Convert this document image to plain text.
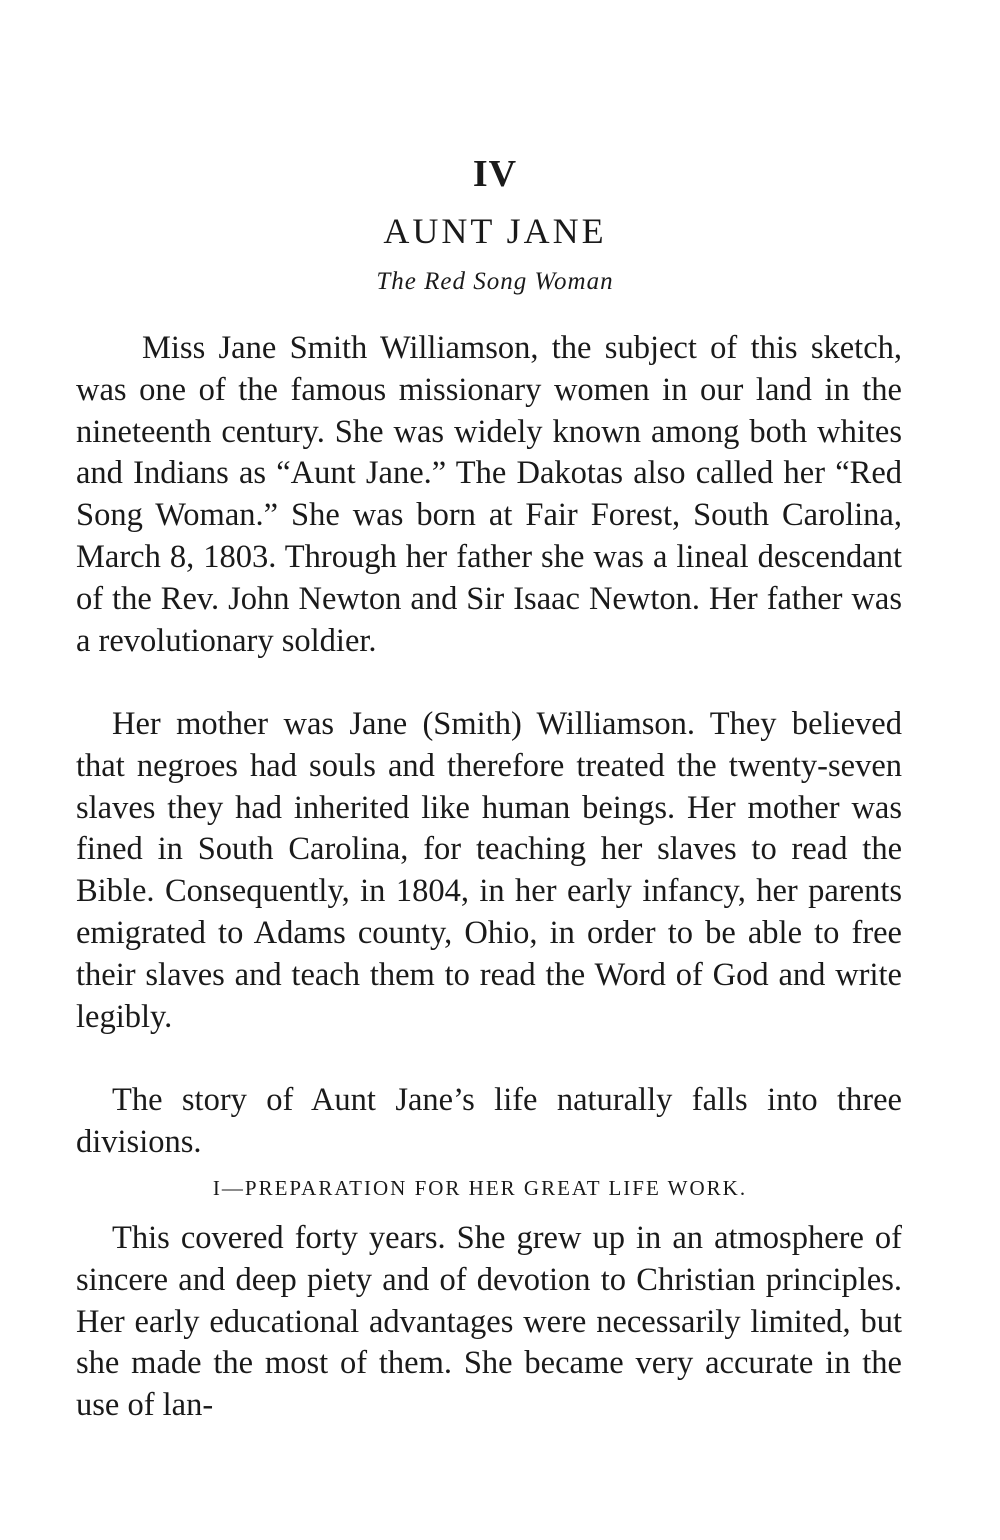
IV
AUNT JANE
The Red Song Woman

Miss Jane Smith Williamson, the subject of this sketch, was one of the famous missionary women in our land in the nineteenth century. She was widely known among both whites and Indians as “Aunt Jane.” The Dakotas also called her “Red Song Woman.” She was born at Fair Forest, South Carolina, March 8, 1803. Through her father she was a lineal descendant of the Rev. John Newton and Sir Isaac Newton. Her father was a revolutionary soldier.

Her mother was Jane (Smith) Williamson. They believed that negroes had souls and therefore treated the twenty-seven slaves they had inherited like human beings. Her mother was fined in South Carolina, for teaching her slaves to read the Bible. Consequently, in 1804, in her early infancy, her parents emigrated to Adams county, Ohio, in order to be able to free their slaves and teach them to read the Word of God and write legibly.

The story of Aunt Jane’s life naturally falls into three divisions.

I—PREPARATION FOR HER GREAT LIFE WORK.

This covered forty years. She grew up in an atmosphere of sincere and deep piety and of devotion to Christian principles. Her early educational advantages were necessarily limited, but she made the most of them. She became very accurate in the use of lan-
